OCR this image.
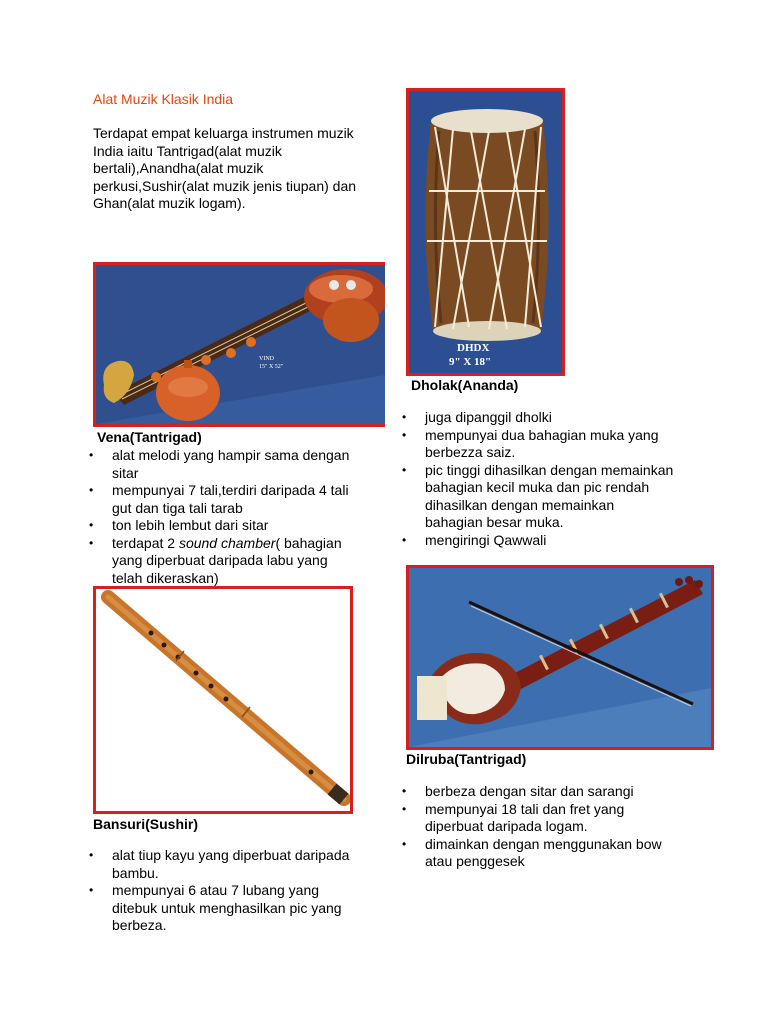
Alat Muzik Klasik India
Terdapat empat keluarga instrumen muzik India iaitu Tantrigad(alat muzik bertali),Anandha(alat muzik perkusi,Sushir(alat muzik jenis tiupan) dan Ghan(alat muzik logam).
VIND
15" X 52"
Vena(Tantrigad)
• alat melodi yang hampir sama dengan sitar
• mempunyai 7 tali,terdiri daripada 4 tali gut dan tiga tali tarab
• ton lebih lembut dari sitar
• terdapat 2 sound chamber( bahagian yang diperbuat daripada labu yang telah dikeraskan)
DHDX
9" X 18"
Dholak(Ananda)
• juga dipanggil dholki
• mempunyai dua bahagian muka yang berbezza saiz.
• pic tinggi dihasilkan dengan memainkan bahagian kecil muka dan pic rendah dihasilkan dengan memainkan bahagian besar muka.
• mengiringi Qawwali
Bansuri(Sushir)
• alat tiup kayu yang diperbuat daripada bambu.
• mempunyai 6 atau 7 lubang yang ditebuk untuk menghasilkan pic yang berbeza.
Dilruba(Tantrigad)
• berbeza dengan sitar dan sarangi
• mempunyai 18 tali dan fret yang diperbuat daripada logam.
• dimainkan dengan menggunakan bow atau penggesek
